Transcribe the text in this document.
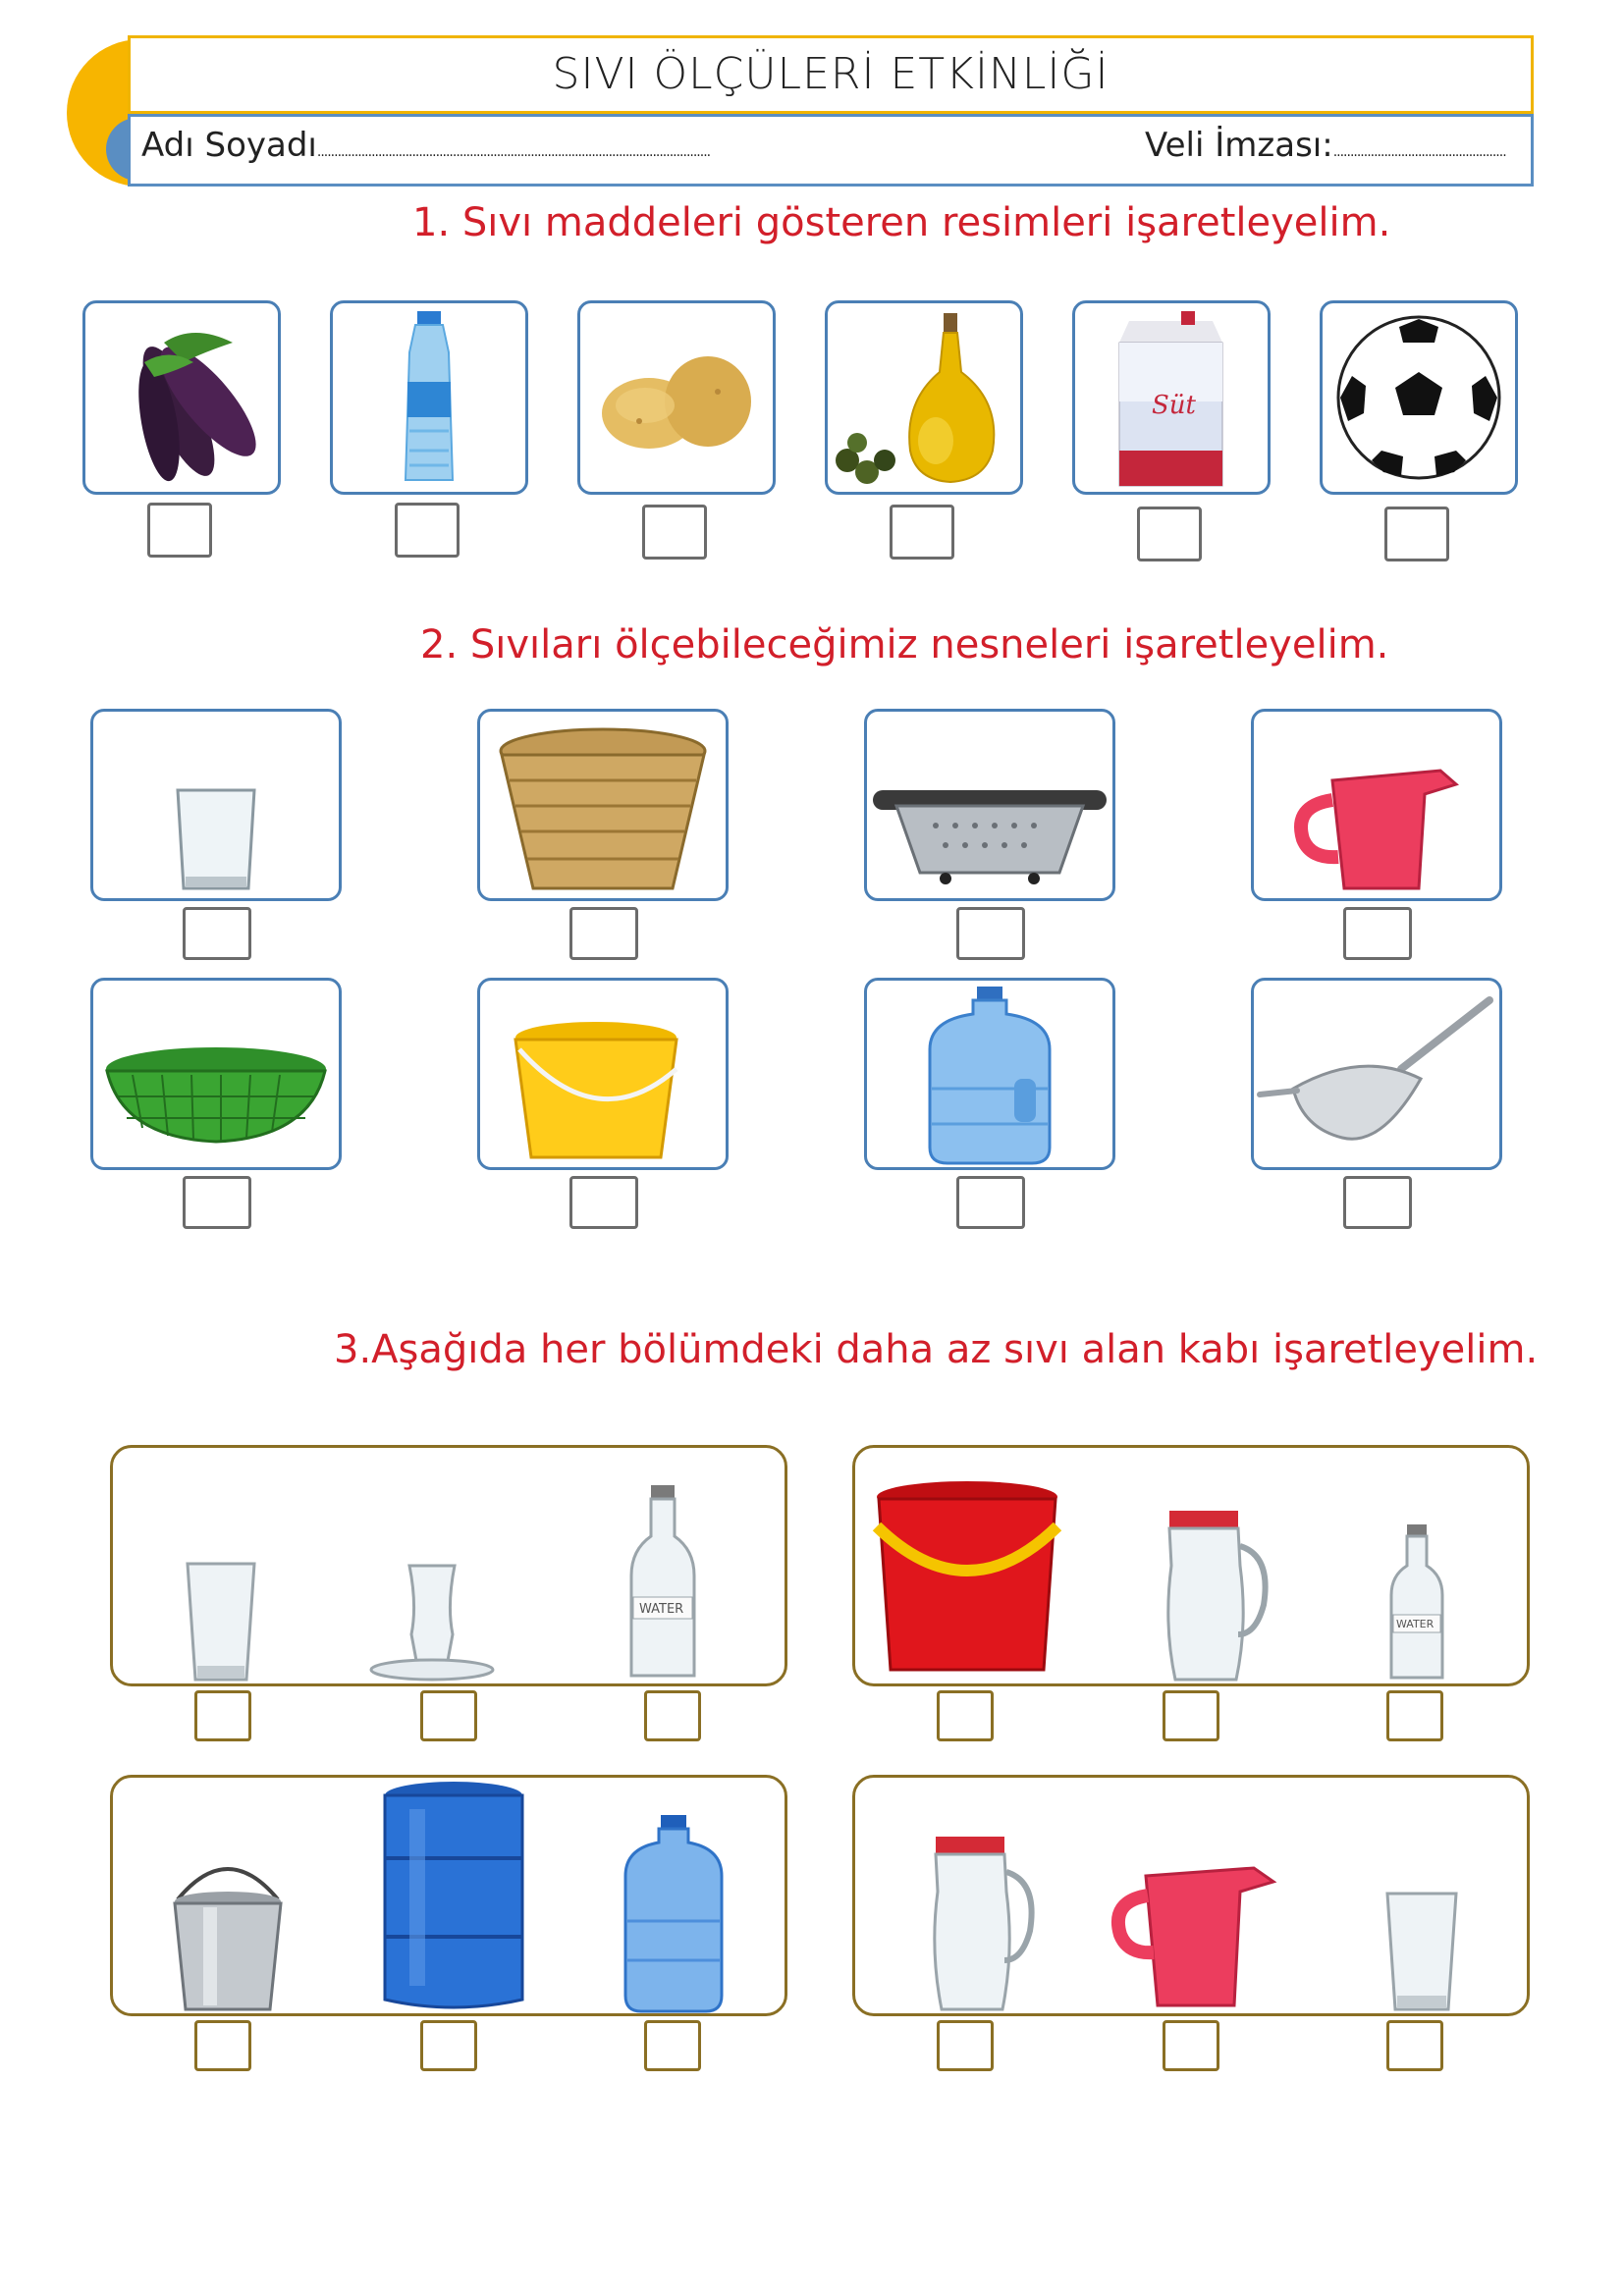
SIVI ÖLÇÜLERİ ETKİNLİĞİ
Adı Soyadı....................................................................................................................	Veli İmzası:...................................................
1. Sıvı maddeleri gösteren resimleri işaretleyelim.
Süt
2. Sıvıları ölçebileceğimiz nesneleri işaretleyelim.
3.Aşağıda her bölümdeki daha az sıvı alan kabı işaretleyelim.
WATER
WATER
